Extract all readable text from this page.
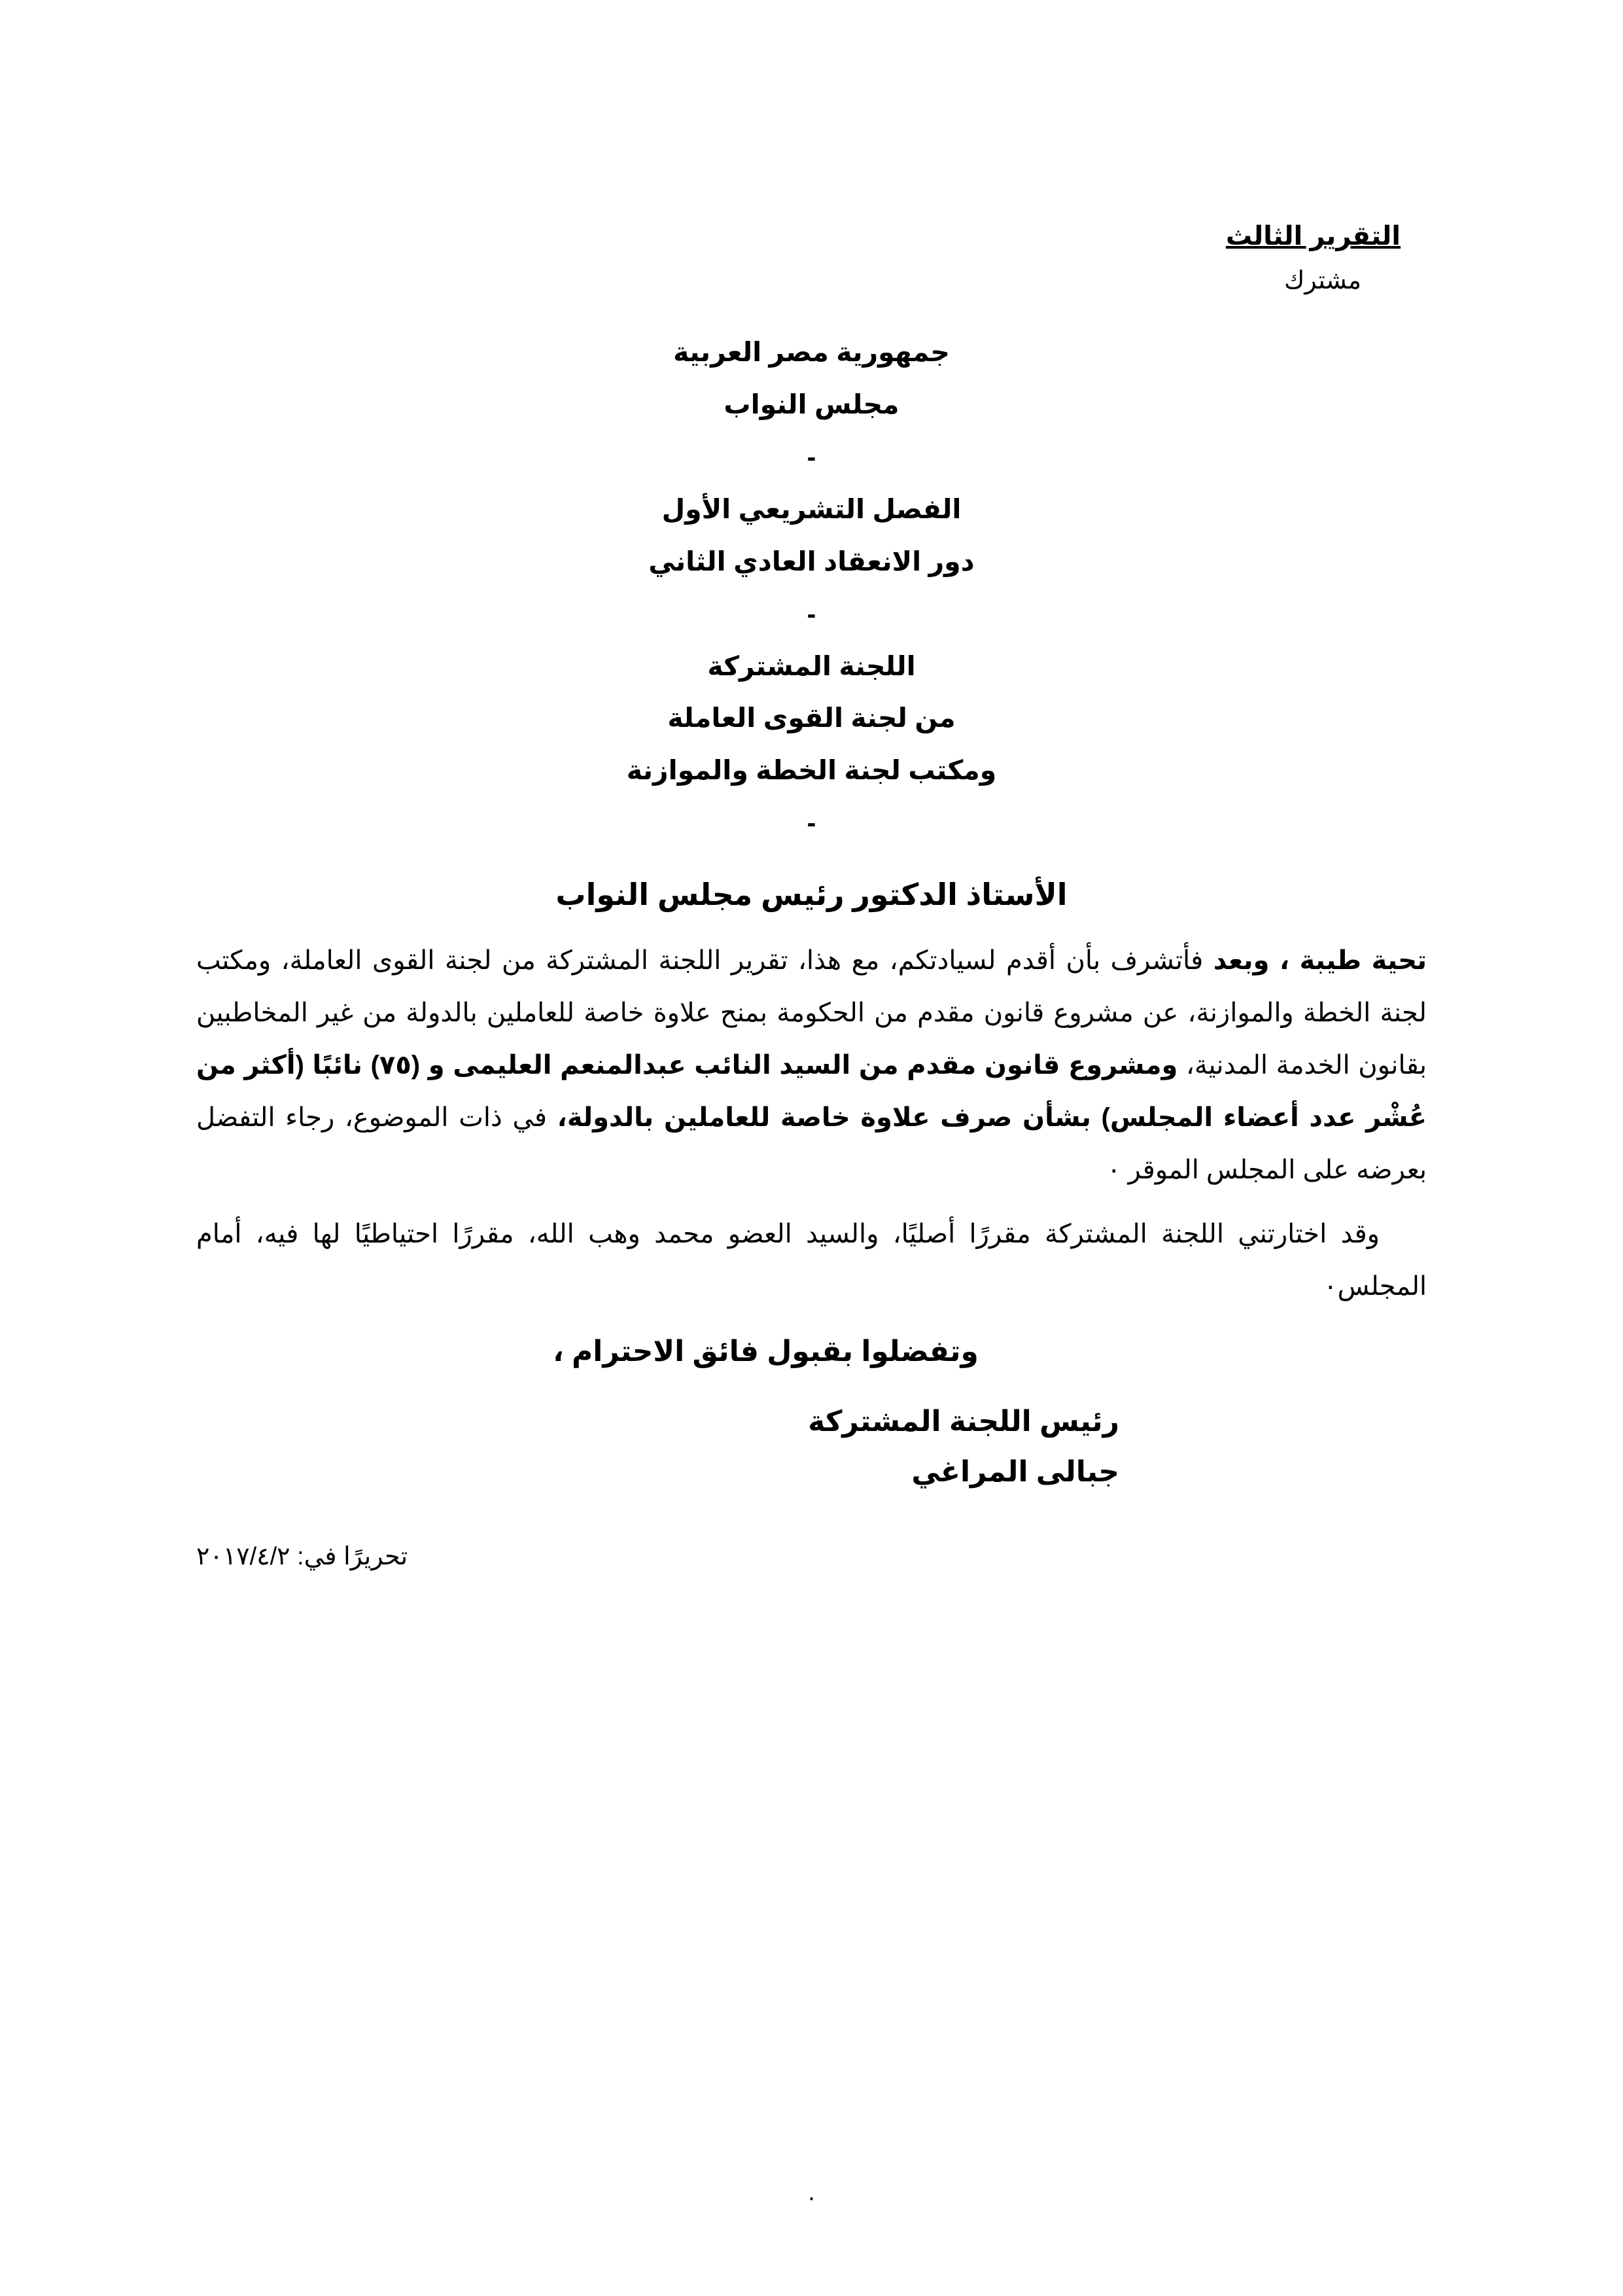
التقرير الثالث
مشترك

جمهورية مصر العربية

مجلس النواب

-

الفصل التشريعي الأول

دور الانعقاد العادي الثاني

-

اللجنة المشتركة

من لجنة القوى العاملة

ومكتب لجنة الخطة والموازنة

-

الأستاذ الدكتور رئيس مجلس النواب

تحية طيبة ، وبعد فأتشرف بأن أقدم لسيادتكم، مع هذا، تقرير اللجنة المشتركة من لجنة القوى العاملة، ومكتب لجنة الخطة والموازنة، عن مشروع قانون مقدم من الحكومة بمنح علاوة خاصة للعاملين بالدولة من غير المخاطبين بقانون الخدمة المدنية، ومشروع قانون مقدم من السيد النائب عبدالمنعم العليمى و (٧٥) نائبًا (أكثر من عُشْر عدد أعضاء المجلس) بشأن صرف علاوة خاصة للعاملين بالدولة، في ذات الموضوع، رجاء التفضل بعرضه على المجلس الموقر ٠

وقد اختارتني اللجنة المشتركة مقررًا أصليًا، والسيد العضو محمد وهب الله، مقررًا احتياطيًا لها فيه، أمام المجلس٠

وتفضلوا بقبول فائق الاحترام ،

رئيس اللجنة المشتركة

جبالى المراغي

تحريرًا في: ٢٠١٧/٤/٢
٠
